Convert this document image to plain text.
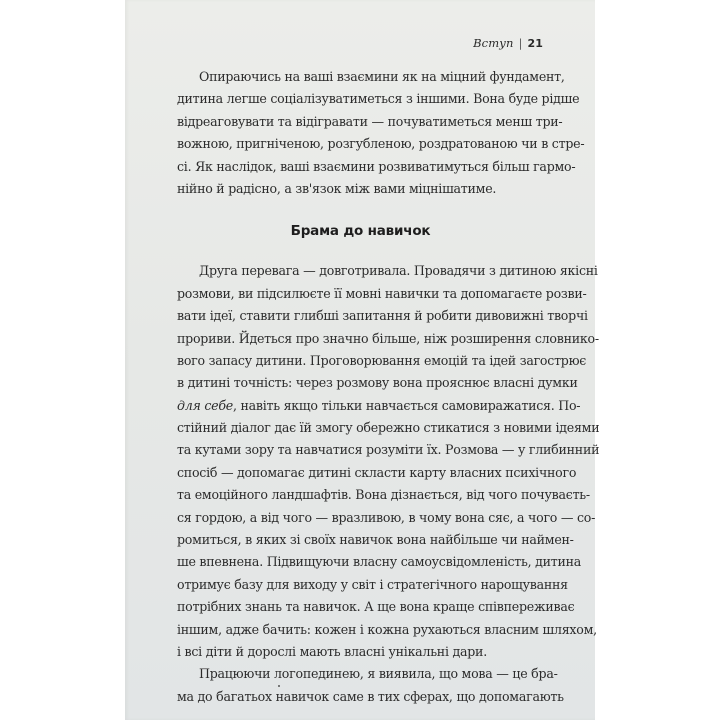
Вступ | 21
Опираючись на ваші взаємини як на міцний фундамент,
дитина легше соціалізуватиметься з іншими. Вона буде рідше
відреаговувати та відігравати — почуватиметься менш три-
вожною, пригніченою, розгубленою, роздратованою чи в стре-
сі. Як наслідок, ваші взаємини розвиватимуться більш гармо-
нійно й радісно, а зв'язок між вами міцнішатиме.
Брама до навичок
Друга перевага — довготривала. Провадячи з дитиною якісні
розмови, ви підсилюєте її мовні навички та допомагаєте розви-
вати ідеї, ставити глибші запитання й робити дивовижні творчі
прориви. Йдеться про значно більше, ніж розширення словнико-
вого запасу дитини. Проговорювання емоцій та ідей загострює
в дитині точність: через розмову вона прояснює власні думки
для себе, навіть якщо тільки навчається самовиражатися. По-
стійний діалог дає їй змогу обережно стикатися з новими ідеями
та кутами зору та навчатися розуміти їх. Розмова — у глибинний
спосіб — допомагає дитині скласти карту власних психічного
та емоційного ландшафтів. Вона дізнається, від чого почуваєть-
ся гордою, а від чого — вразливою, в чому вона сяє, а чого — со-
ромиться, в яких зі своїх навичок вона найбільше чи наймен-
ше впевнена. Підвищуючи власну самоусвідомленість, дитина
отримує базу для виходу у світ і стратегічного нарощування
потрібних знань та навичок. А ще вона краще співпереживає
іншим, адже бачить: кожен і кожна рухаються власним шляхом,
і всі діти й дорослі мають власні унікальні дари.
Працюючи логопединею, я виявила, що мова — це бра-
ма до багатьох навичок саме в тих сферах, що допомагають
